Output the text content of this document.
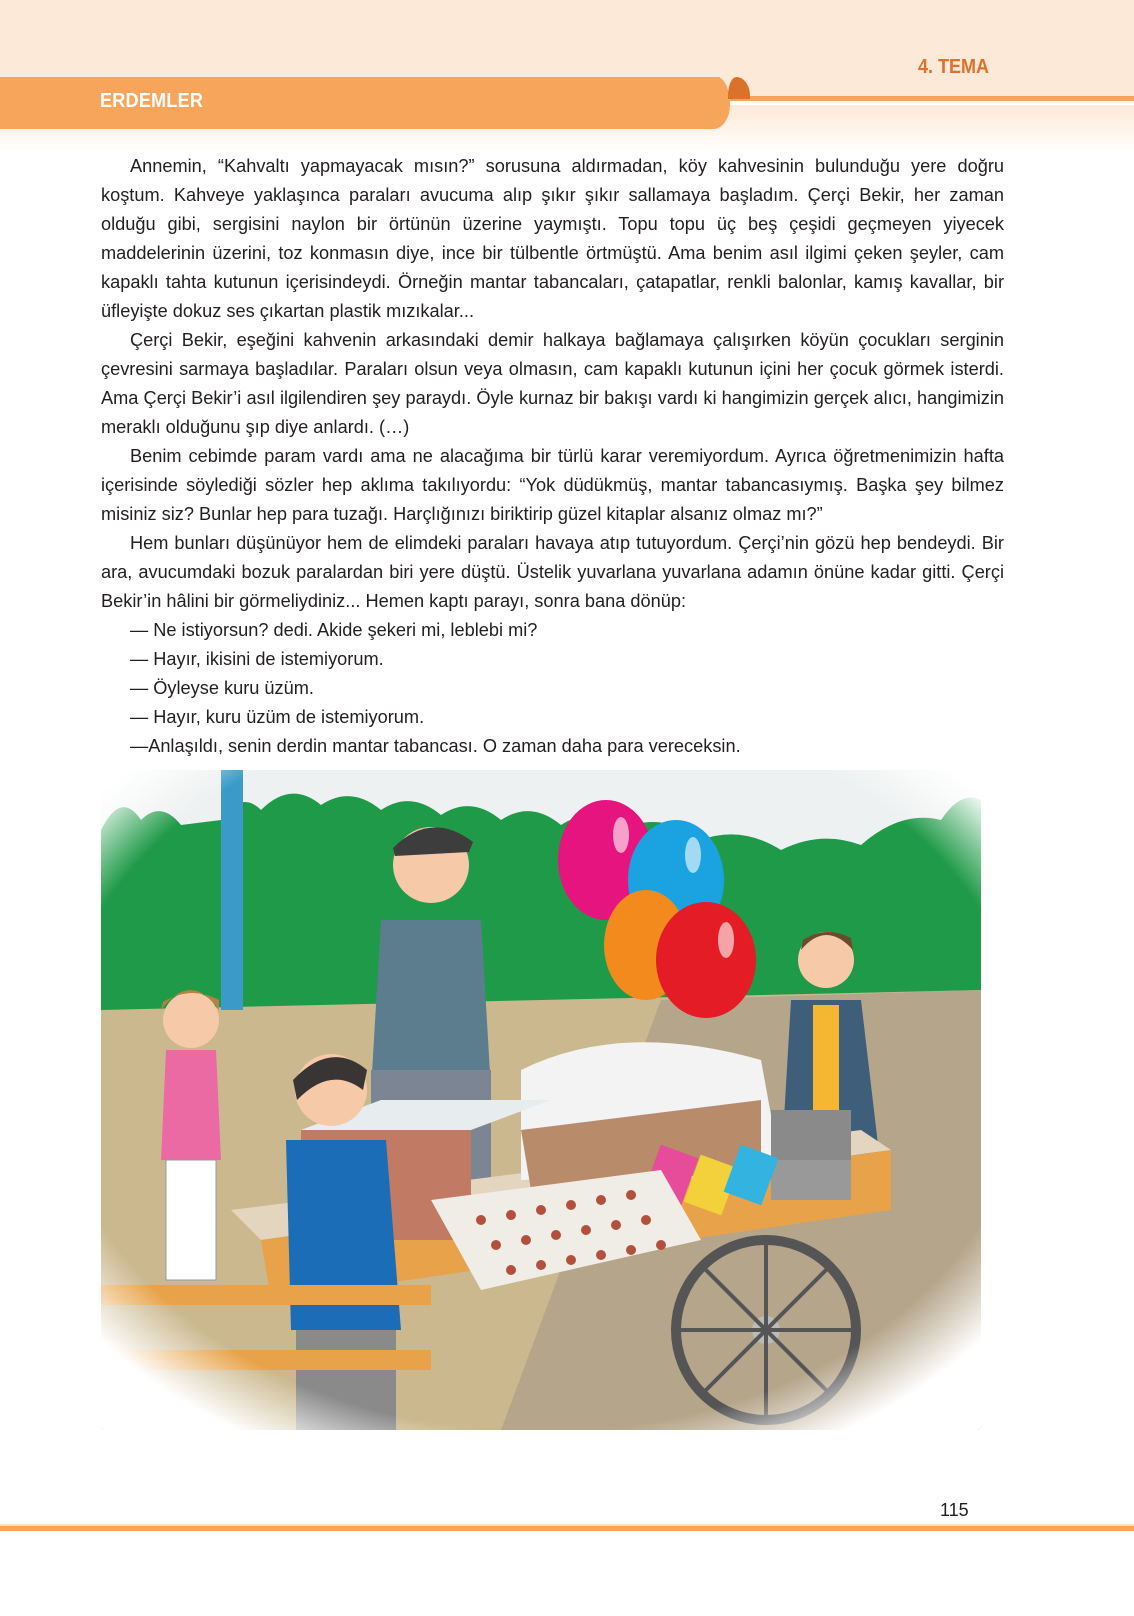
ERDEMLER
4. TEMA

Annemin, “Kahvaltı yapmayacak mısın?” sorusuna aldırmadan, köy kahvesinin bulunduğu yere doğru koştum. Kahveye yaklaşınca paraları avucuma alıp şıkır şıkır sallamaya başladım. Çerçi Bekir, her zaman olduğu gibi, sergisini naylon bir örtünün üzerine yaymıştı. Topu topu üç beş çeşidi geçmeyen yiyecek maddelerinin üzerini, toz konmasın diye, ince bir tülbentle örtmüştü. Ama benim asıl ilgimi çeken şeyler, cam kapaklı tahta kutunun içerisindeydi. Örneğin mantar tabancaları, çatapatlar, renkli balonlar, kamış kavallar, bir üfleyişte dokuz ses çıkartan plastik mızıkalar...

Çerçi Bekir, eşeğini kahvenin arkasındaki demir halkaya bağlamaya çalışırken köyün çocukları serginin çevresini sarmaya başladılar. Paraları olsun veya olmasın, cam kapaklı kutunun içini her çocuk görmek isterdi. Ama Çerçi Bekir’i asıl ilgilendiren şey paraydı. Öyle kurnaz bir bakışı vardı ki hangimizin gerçek alıcı, hangimizin meraklı olduğunu şıp diye anlardı. (…)

Benim cebimde param vardı ama ne alacağıma bir türlü karar veremiyordum. Ayrıca öğretmenimizin hafta içerisinde söylediği sözler hep aklıma takılıyordu: “Yok düdükmüş, mantar tabancasıymış. Başka şey bilmez misiniz siz? Bunlar hep para tuzağı. Harçlığınızı biriktirip güzel kitaplar alsanız olmaz mı?”

Hem bunları düşünüyor hem de elimdeki paraları havaya atıp tutuyordum. Çerçi’nin gözü hep bendeydi. Bir ara, avucumdaki bozuk paralardan biri yere düştü. Üstelik yuvarlana yuvarlana adamın önüne kadar gitti. Çerçi Bekir’in hâlini bir görmeliydiniz... Hemen kaptı parayı, sonra bana dönüp:

— Ne istiyorsun? dedi. Akide şekeri mi, leblebi mi?

— Hayır, ikisini de istemiyorum.

— Öyleyse kuru üzüm.

— Hayır, kuru üzüm de istemiyorum.

—Anlaşıldı, senin derdin mantar tabancası. O zaman daha para vereceksin.

115
